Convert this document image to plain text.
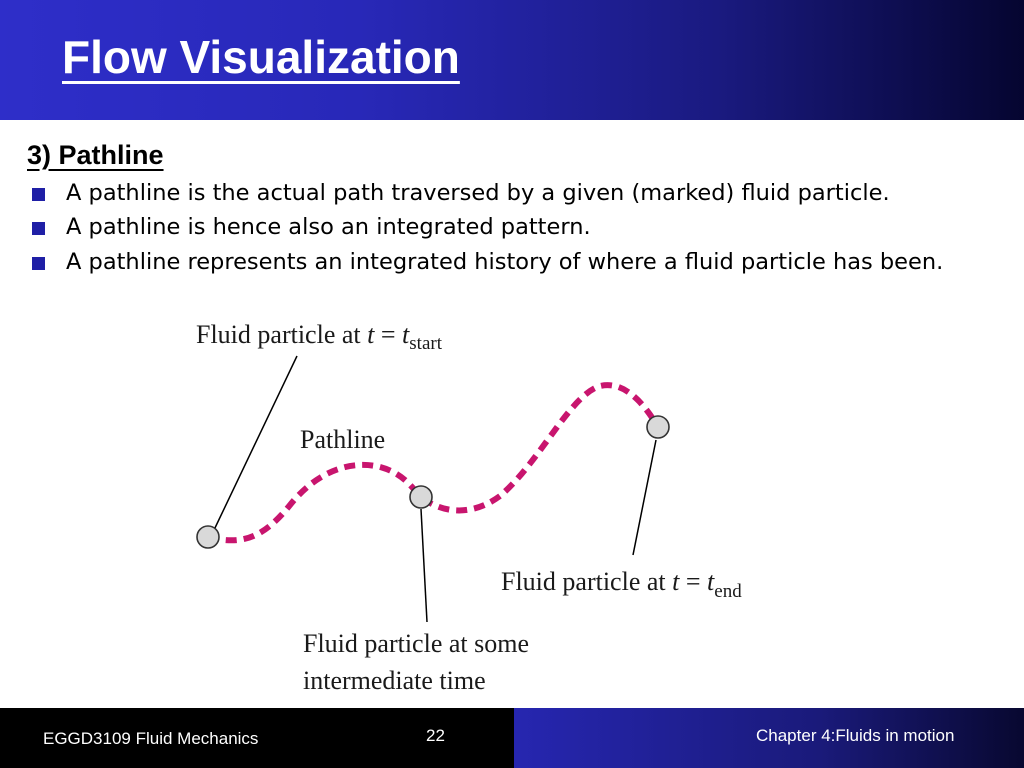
Flow Visualization
3) Pathline
A pathline is the actual path traversed by a given (marked) fluid particle.
A pathline is hence also an integrated pattern.
A pathline represents an integrated history of where a fluid particle has been.
Fluid particle at $t = t_{start}$
Pathline
Fluid particle at $t = t_{end}$
Fluid particle at some
intermediate time
EGGD3109 Fluid Mechanics	22	Chapter 4:Fluids in motion
